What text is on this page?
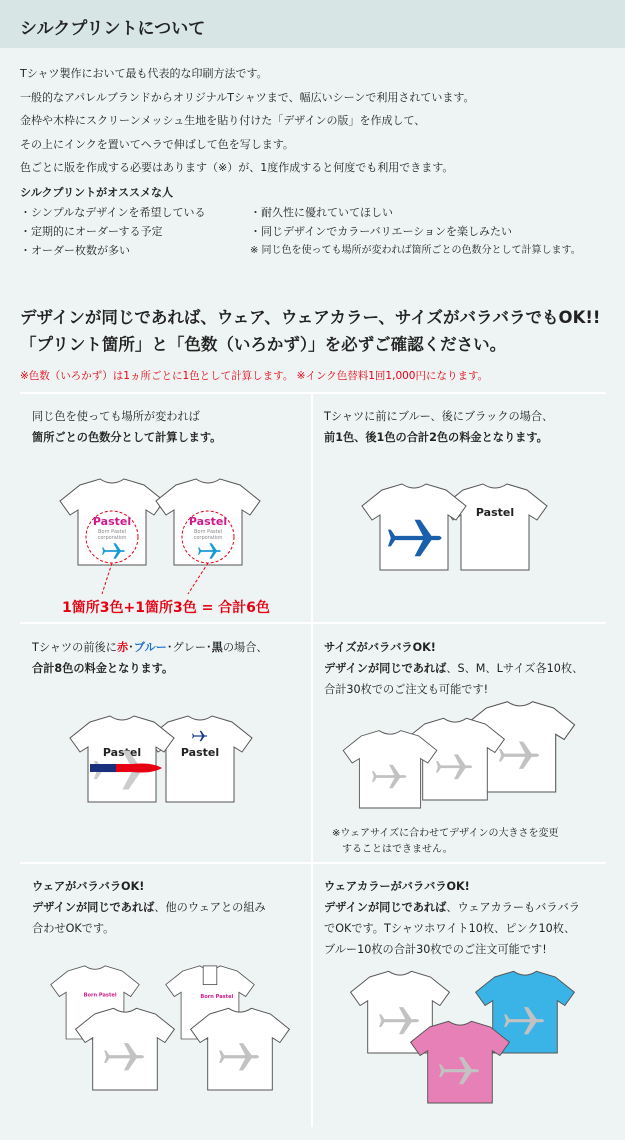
シルクプリントについて

Tシャツ製作において最も代表的な印刷方法です。

一般的なアパレルブランドからオリジナルTシャツまで、幅広いシーンで利用されています。

金枠や木枠にスクリーンメッシュ生地を貼り付けた「デザインの版」を作成して、

その上にインクを置いてヘラで伸ばして色を写します。

色ごとに版を作成する必要はあります（※）が、1度作成すると何度でも利用できます。

シルクプリントがオススメな人
・シンプルなデザインを希望している
・定期的にオーダーする予定
・オーダー枚数が多い
・耐久性に優れていてほしい
・同じデザインでカラーバリエーションを楽しみたい
※ 同じ色を使っても場所が変われば箇所ごとの色数分として計算します。
デザインが同じであれば、ウェア、ウェアカラー、サイズがバラバラでもOK!!
「プリント箇所」と「色数（いろかず）」を必ずご確認ください。
※色数（いろかず）は1ヵ所ごとに1色として計算します。 ※インク色替料1回1,000円になります。
同じ色を使っても場所が変われば
箇所ごとの色数分として計算します。
Pastel
Born Pastel
corporation
Pastel
Born Pastel
corporation
1箇所3色+1箇所3色 = 合計6色
Tシャツに前にブルー、後にブラックの場合、
前1色、後1色の合計2色の料金となります。
Pastel
Tシャツの前後に赤･ブルー･グレー･黒の場合、
合計8色の料金となります。
Pastel
Pastel
サイズがバラバラOK!
デザインが同じであれば、S、M、Lサイズ各10枚、
合計30枚でのご注文も可能です!
※ウェアサイズに合わせてデザインの大きさを変更
することはできません。
ウェアがバラバラOK!
デザインが同じであれば、他のウェアとの組み
合わせOKです。
Born Pastel	Born Pastel
ウェアカラーがバラバラOK!
デザインが同じであれば、ウェアカラーもバラバラ
でOKです。Tシャツホワイト10枚、ピンク10枚、
ブルー10枚の合計30枚でのご注文可能です!
